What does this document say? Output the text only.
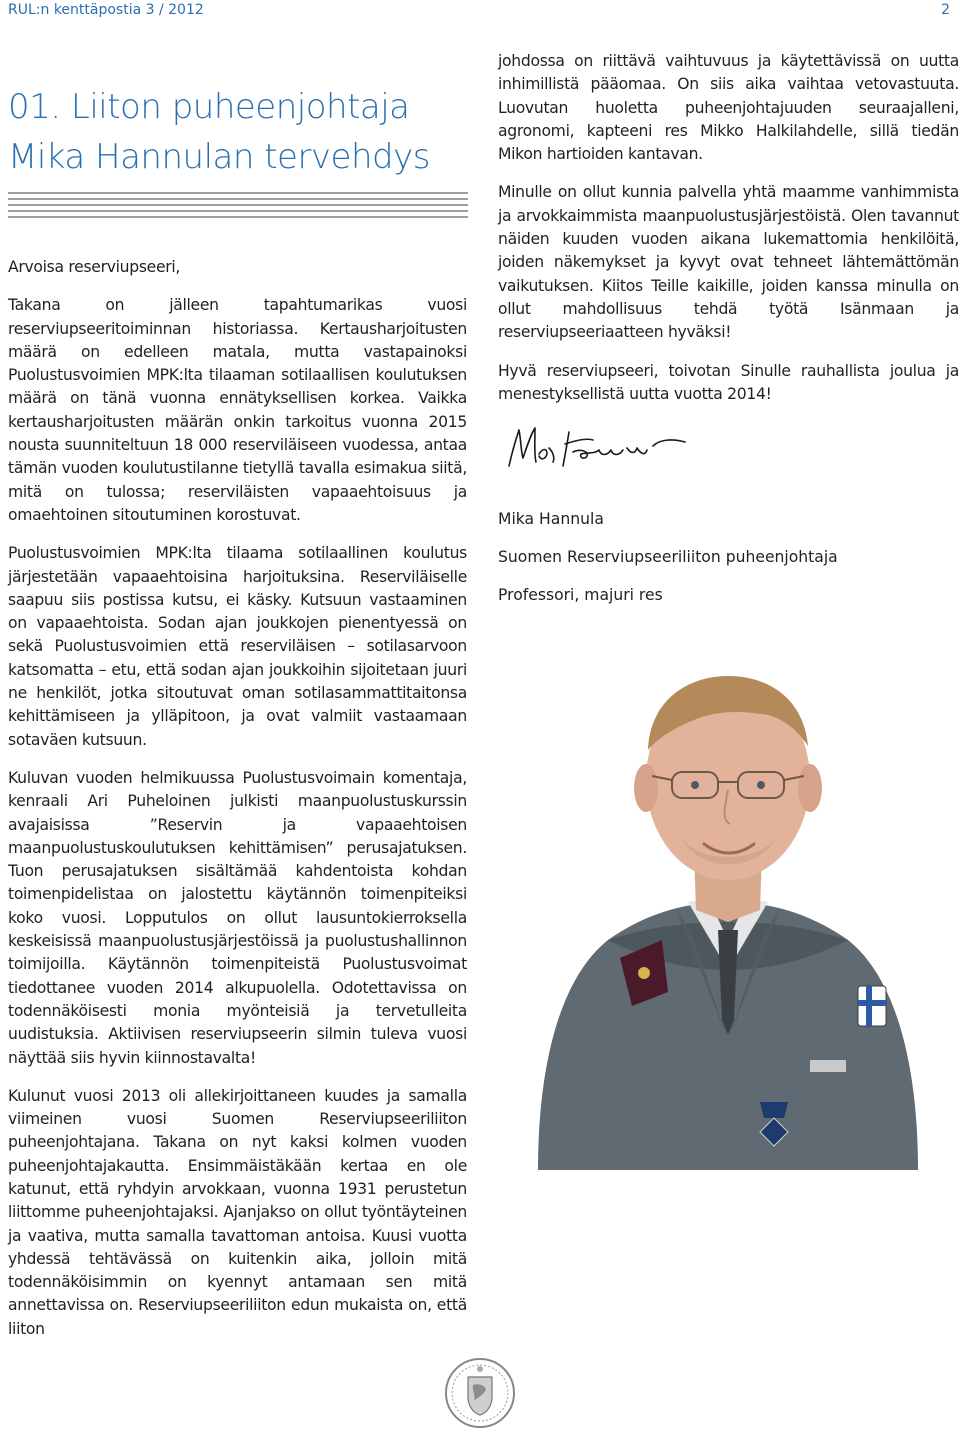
RUL:n kenttäpostia 3 / 2012	2
01. Liiton puheenjohtaja
Mika Hannulan tervehdys
Arvoisa reserviupseeri,

Takana on jälleen tapahtumarikas vuosi reserviupseeritoiminnan historiassa. Kertausharjoitusten määrä on edelleen matala, mutta vastapainoksi Puolustusvoimien MPK:lta tilaaman sotilaallisen koulutuksen määrä on tänä vuonna ennätyksellisen korkea. Vaikka kertausharjoitusten määrän onkin tarkoitus vuonna 2015 nousta suunniteltuun 18 000 reserviläiseen vuodessa, antaa tämän vuoden koulutustilanne tietyllä tavalla esimakua siitä, mitä on tulossa; reserviläisten vapaaehtoisuus ja omaehtoinen sitoutuminen korostuvat.

Puolustusvoimien MPK:lta tilaama sotilaallinen koulutus järjestetään vapaaehtoisina harjoituksina. Reserviläiselle saapuu siis postissa kutsu, ei käsky. Kutsuun vastaaminen on vapaaehtoista. Sodan ajan joukkojen pienentyessä on sekä Puolustusvoimien että reserviläisen – sotilasarvoon katsomatta – etu, että sodan ajan joukkoihin sijoitetaan juuri ne henkilöt, jotka sitoutuvat oman sotilasammattitaitonsa kehittämiseen ja ylläpitoon, ja ovat valmiit vastaamaan sotaväen kutsuun.

Kuluvan vuoden helmikuussa Puolustusvoimain komentaja, kenraali Ari Puheloinen julkisti maanpuolustuskurssin avajaisissa ”Reservin ja vapaaehtoisen maanpuolustuskoulutuksen kehittämisen” perusajatuksen. Tuon perusajatuksen sisältämää kahdentoista kohdan toimenpidelistaa on jalostettu käytännön toimenpiteiksi koko vuosi. Lopputulos on ollut lausuntokierroksella keskeisissä maanpuolustusjärjestöissä ja puolustushallinnon toimijoilla. Käytännön toimenpiteistä Puolustusvoimat tiedottanee vuoden 2014 alkupuolella. Odotettavissa on todennäköisesti monia myönteisiä ja tervetulleita uudistuksia. Aktiivisen reserviupseerin silmin tuleva vuosi näyttää siis hyvin kiinnostavalta!

Kulunut vuosi 2013 oli allekirjoittaneen kuudes ja samalla viimeinen vuosi Suomen Reserviupseeriliiton puheenjohtajana. Takana on nyt kaksi kolmen vuoden puheenjohtajakautta. Ensimmäistäkään kertaa en ole katunut, että ryhdyin arvokkaan, vuonna 1931 perustetun liittomme puheenjohtajaksi. Ajanjakso on ollut työntäyteinen ja vaativa, mutta samalla tavattoman antoisa. Kuusi vuotta yhdessä tehtävässä on kuitenkin aika, jolloin mitä todennäköisimmin on kyennyt antamaan sen mitä annettavissa on. Reserviupseeriliiton edun mukaista on, että liiton

johdossa on riittävä vaihtuvuus ja käytettävissä on uutta inhimillistä pääomaa. On siis aika vaihtaa vetovastuuta. Luovutan huoletta puheenjohtajuuden seuraajalleni, agronomi, kapteeni res Mikko Halkilahdelle, sillä tiedän Mikon hartioiden kantavan.

Minulle on ollut kunnia palvella yhtä maamme vanhimmista ja arvokkaimmista maanpuolustusjärjestöistä. Olen tavannut näiden kuuden vuoden aikana lukemattomia henkilöitä, joiden näkemykset ja kyvyt ovat tehneet lähtemättömän vaikutuksen. Kiitos Teille kaikille, joiden kanssa minulla on ollut mahdollisuus tehdä työtä Isänmaan ja reserviupseeriaatteen hyväksi!

Hyvä reserviupseeri, toivotan Sinulle rauhallista joulua ja menestyksellistä uutta vuotta 2014!

Mika Hannula
Suomen Reserviupseeriliiton puheenjohtaja
Professori, majuri res
